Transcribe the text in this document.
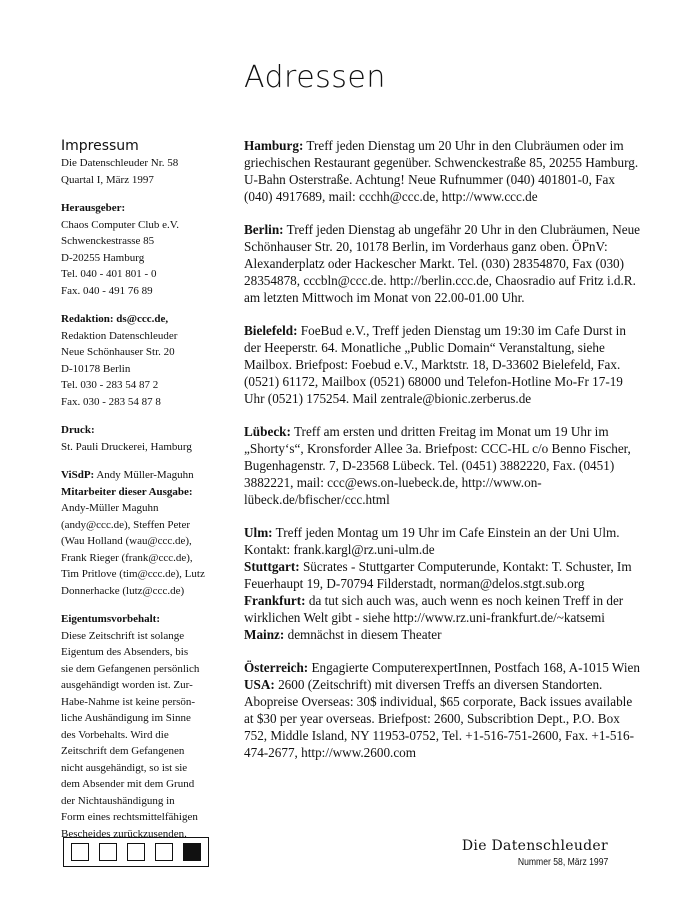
Adressen
Impressum
Die Datenschleuder Nr. 58
Quartal I, März 1997
Herausgeber:
Chaos Computer Club e.V.
Schwenckestrasse 85
D-20255 Hamburg
Tel. 040 - 401 801 - 0
Fax. 040 - 491 76 89
Redaktion: ds@ccc.de,
Redaktion Datenschleuder
Neue Schönhauser Str. 20
D-10178 Berlin
Tel. 030 - 283 54 87 2
Fax. 030 - 283 54 87 8
Druck:
St. Pauli Druckerei, Hamburg
ViSdP: Andy Müller-Maguhn
Mitarbeiter dieser Ausgabe:
Andy-Müller Maguhn
(andy@ccc.de), Steffen Peter
(Wau Holland (wau@ccc.de),
Frank Rieger (frank@ccc.de),
Tim Pritlove (tim@ccc.de), Lutz
Donnerhacke (lutz@ccc.de)
Eigentumsvorbehalt:
Diese Zeitschrift ist solange
Eigentum des Absenders, bis
sie dem Gefangenen persönlich
ausgehändigt worden ist. Zur-
Habe-Nahme ist keine persön-
liche Aushändigung im Sinne
des Vorbehalts. Wird die
Zeitschrift dem Gefangenen
nicht ausgehändigt, so ist sie
dem Absender mit dem Grund
der Nichtaushändigung in
Form eines rechtsmittelfähigen
Bescheides zurückzusenden.

Hamburg: Treff jeden Dienstag um 20 Uhr in den Clubräumen oder im griechischen Restaurant gegenüber. Schwenckestraße 85, 20255 Hamburg. U-Bahn Osterstraße. Achtung! Neue Rufnummer (040) 401801-0, Fax (040) 4917689, mail: ccchh@ccc.de, http://www.ccc.de

Berlin: Treff jeden Dienstag ab ungefähr 20 Uhr in den Clubräumen, Neue Schönhauser Str. 20, 10178 Berlin, im Vorderhaus ganz oben. ÖPnV: Alexanderplatz oder Hackescher Markt. Tel. (030) 28354870, Fax (030) 28354878, cccbln@ccc.de. http://berlin.ccc.de, Chaosradio auf Fritz i.d.R. am letzten Mittwoch im Monat von 22.00-01.00 Uhr.

Bielefeld: FoeBud e.V., Treff jeden Dienstag um 19:30 im Cafe Durst in der Heeperstr. 64. Monatliche „Public Domain“ Veranstaltung, siehe Mailbox. Briefpost: Foebud e.V., Marktstr. 18, D-33602 Bielefeld, Fax. (0521) 61172, Mailbox (0521) 68000 und Telefon-Hotline Mo-Fr 17-19 Uhr (0521) 175254. Mail zentrale@bionic.zerberus.de

Lübeck: Treff am ersten und dritten Freitag im Monat um 19 Uhr im „Shorty‘s“, Kronsforder Allee 3a. Briefpost: CCC-HL c/o Benno Fischer, Bugenhagenstr. 7, D-23568 Lübeck. Tel. (0451) 3882220, Fax. (0451) 3882221, mail: ccc@ews.on-luebeck.de, http://www.on-lübeck.de/bfischer/ccc.html

Ulm: Treff jeden Montag um 19 Uhr im Cafe Einstein an der Uni Ulm. Kontakt: frank.kargl@rz.uni-ulm.de

Stuttgart: Sücrates - Stuttgarter Computerunde, Kontakt: T. Schuster, Im Feuerhaupt 19, D-70794 Filderstadt, norman@delos.stgt.sub.org

Frankfurt: da tut sich auch was, auch wenn es noch keinen Treff in der wirklichen Welt gibt - siehe http://www.rz.uni-frankfurt.de/~katsemi

Mainz: demnächst in diesem Theater

Österreich: Engagierte ComputerexpertInnen, Postfach 168, A-1015 Wien

USA: 2600 (Zeitschrift) mit diversen Treffs an diversen Standorten. Abopreise Overseas: 30$ individual, $65 corporate, Back issues available at $30 per year overseas. Briefpost: 2600, Subscribtion Dept., P.O. Box 752, Middle Island, NY 11953-0752, Tel. +1-516-751-2600, Fax. +1-516-474-2677, http://www.2600.com

Die Datenschleuder
Nummer 58, März 1997
